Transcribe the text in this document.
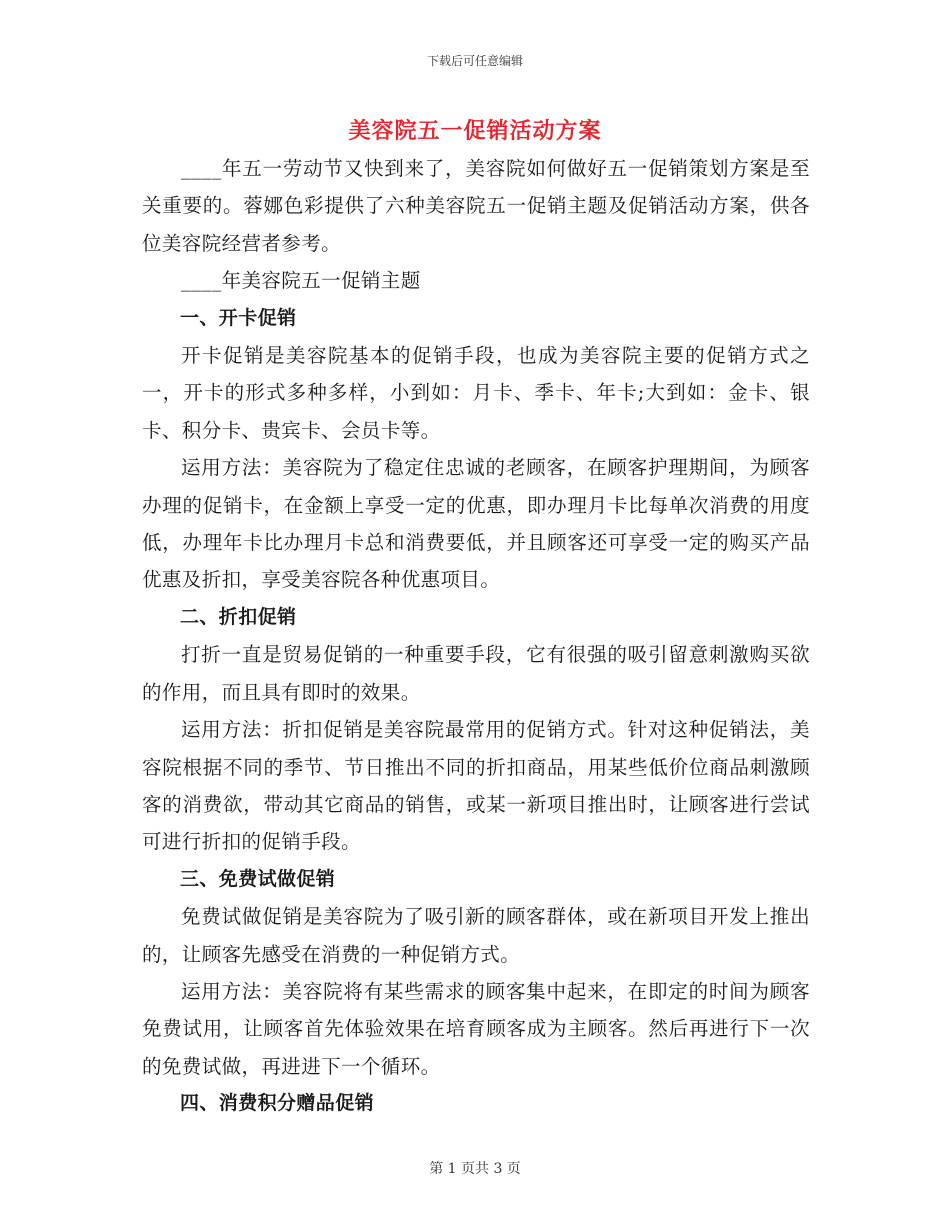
下载后可任意编辑
美容院五一促销活动方案

____年五一劳动节又快到来了，美容院如何做好五一促销策划方案是至关重要的。蓉娜色彩提供了六种美容院五一促销主题及促销活动方案，供各位美容院经营者参考。

____年美容院五一促销主题

一、开卡促销

开卡促销是美容院基本的促销手段，也成为美容院主要的促销方式之一，开卡的形式多种多样，小到如：月卡、季卡、年卡;大到如：金卡、银卡、积分卡、贵宾卡、会员卡等。

运用方法：美容院为了稳定住忠诚的老顾客，在顾客护理期间，为顾客办理的促销卡，在金额上享受一定的优惠，即办理月卡比每单次消费的用度低，办理年卡比办理月卡总和消费要低，并且顾客还可享受一定的购买产品优惠及折扣，享受美容院各种优惠项目。

二、折扣促销

打折一直是贸易促销的一种重要手段，它有很强的吸引留意刺激购买欲的作用，而且具有即时的效果。

运用方法：折扣促销是美容院最常用的促销方式。针对这种促销法，美容院根据不同的季节、节日推出不同的折扣商品，用某些低价位商品刺激顾客的消费欲，带动其它商品的销售，或某一新项目推出时，让顾客进行尝试可进行折扣的促销手段。

三、免费试做促销

免费试做促销是美容院为了吸引新的顾客群体，或在新项目开发上推出的，让顾客先感受在消费的一种促销方式。

运用方法：美容院将有某些需求的顾客集中起来，在即定的时间为顾客免费试用，让顾客首先体验效果在培育顾客成为主顾客。然后再进行下一次的免费试做，再进进下一个循环。

四、消费积分赠品促销

第 1 页共 3 页
